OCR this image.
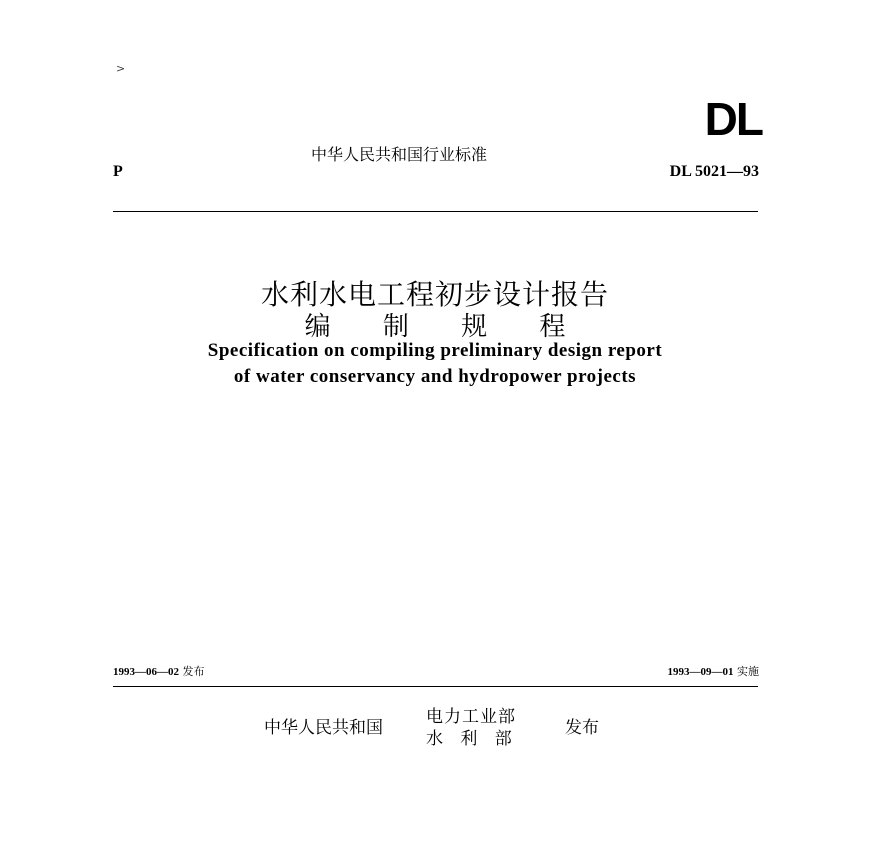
>
DL
中华人民共和国行业标准
P	DL 5021—93
水利水电工程初步设计报告
编 制 规 程
Specification on compiling preliminary design report
of water conservancy and hydropower projects
1993—06—02 发布	1993—09—01 实施
中华人民共和国
电力工业部
水 利 部
发布
